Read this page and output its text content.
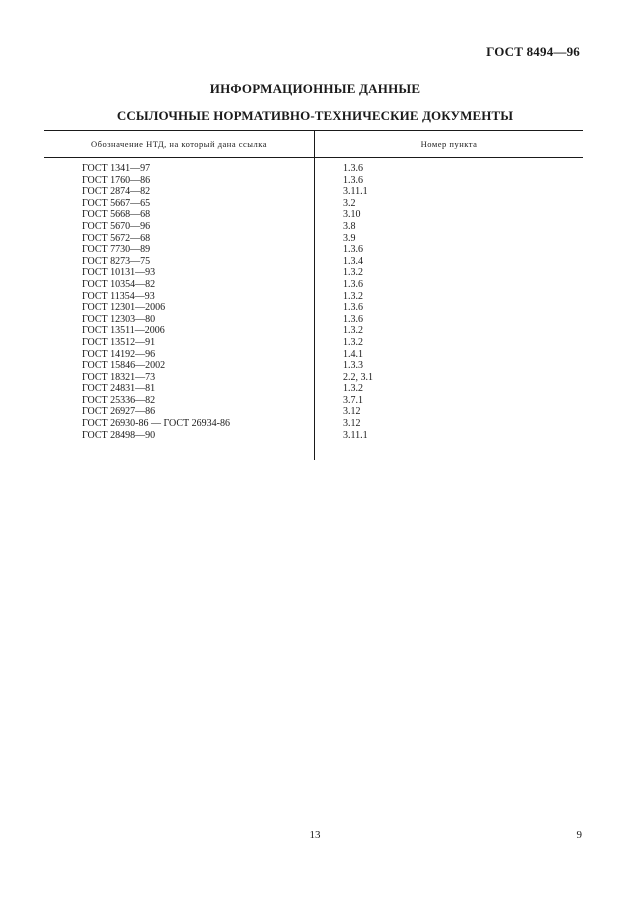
ГОСТ 8494—96
ИНФОРМАЦИОННЫЕ ДАННЫЕ
ССЫЛОЧНЫЕ НОРМАТИВНО-ТЕХНИЧЕСКИЕ ДОКУМЕНТЫ
Обозначение НТД, на который дана ссылка	Номер пункта
ГОСТ 1341—97	1.3.6
ГОСТ 1760—86	1.3.6
ГОСТ 2874—82	3.11.1
ГОСТ 5667—65	3.2
ГОСТ 5668—68	3.10
ГОСТ 5670—96	3.8
ГОСТ 5672—68	3.9
ГОСТ 7730—89	1.3.6
ГОСТ 8273—75	1.3.4
ГОСТ 10131—93	1.3.2
ГОСТ 10354—82	1.3.6
ГОСТ 11354—93	1.3.2
ГОСТ 12301—2006	1.3.6
ГОСТ 12303—80	1.3.6
ГОСТ 13511—2006	1.3.2
ГОСТ 13512—91	1.3.2
ГОСТ 14192—96	1.4.1
ГОСТ 15846—2002	1.3.3
ГОСТ 18321—73	2.2, 3.1
ГОСТ 24831—81	1.3.2
ГОСТ 25336—82	3.7.1
ГОСТ 26927—86	3.12
ГОСТ 26930-86 — ГОСТ 26934-86	3.12
ГОСТ 28498—90	3.11.1
13	9
